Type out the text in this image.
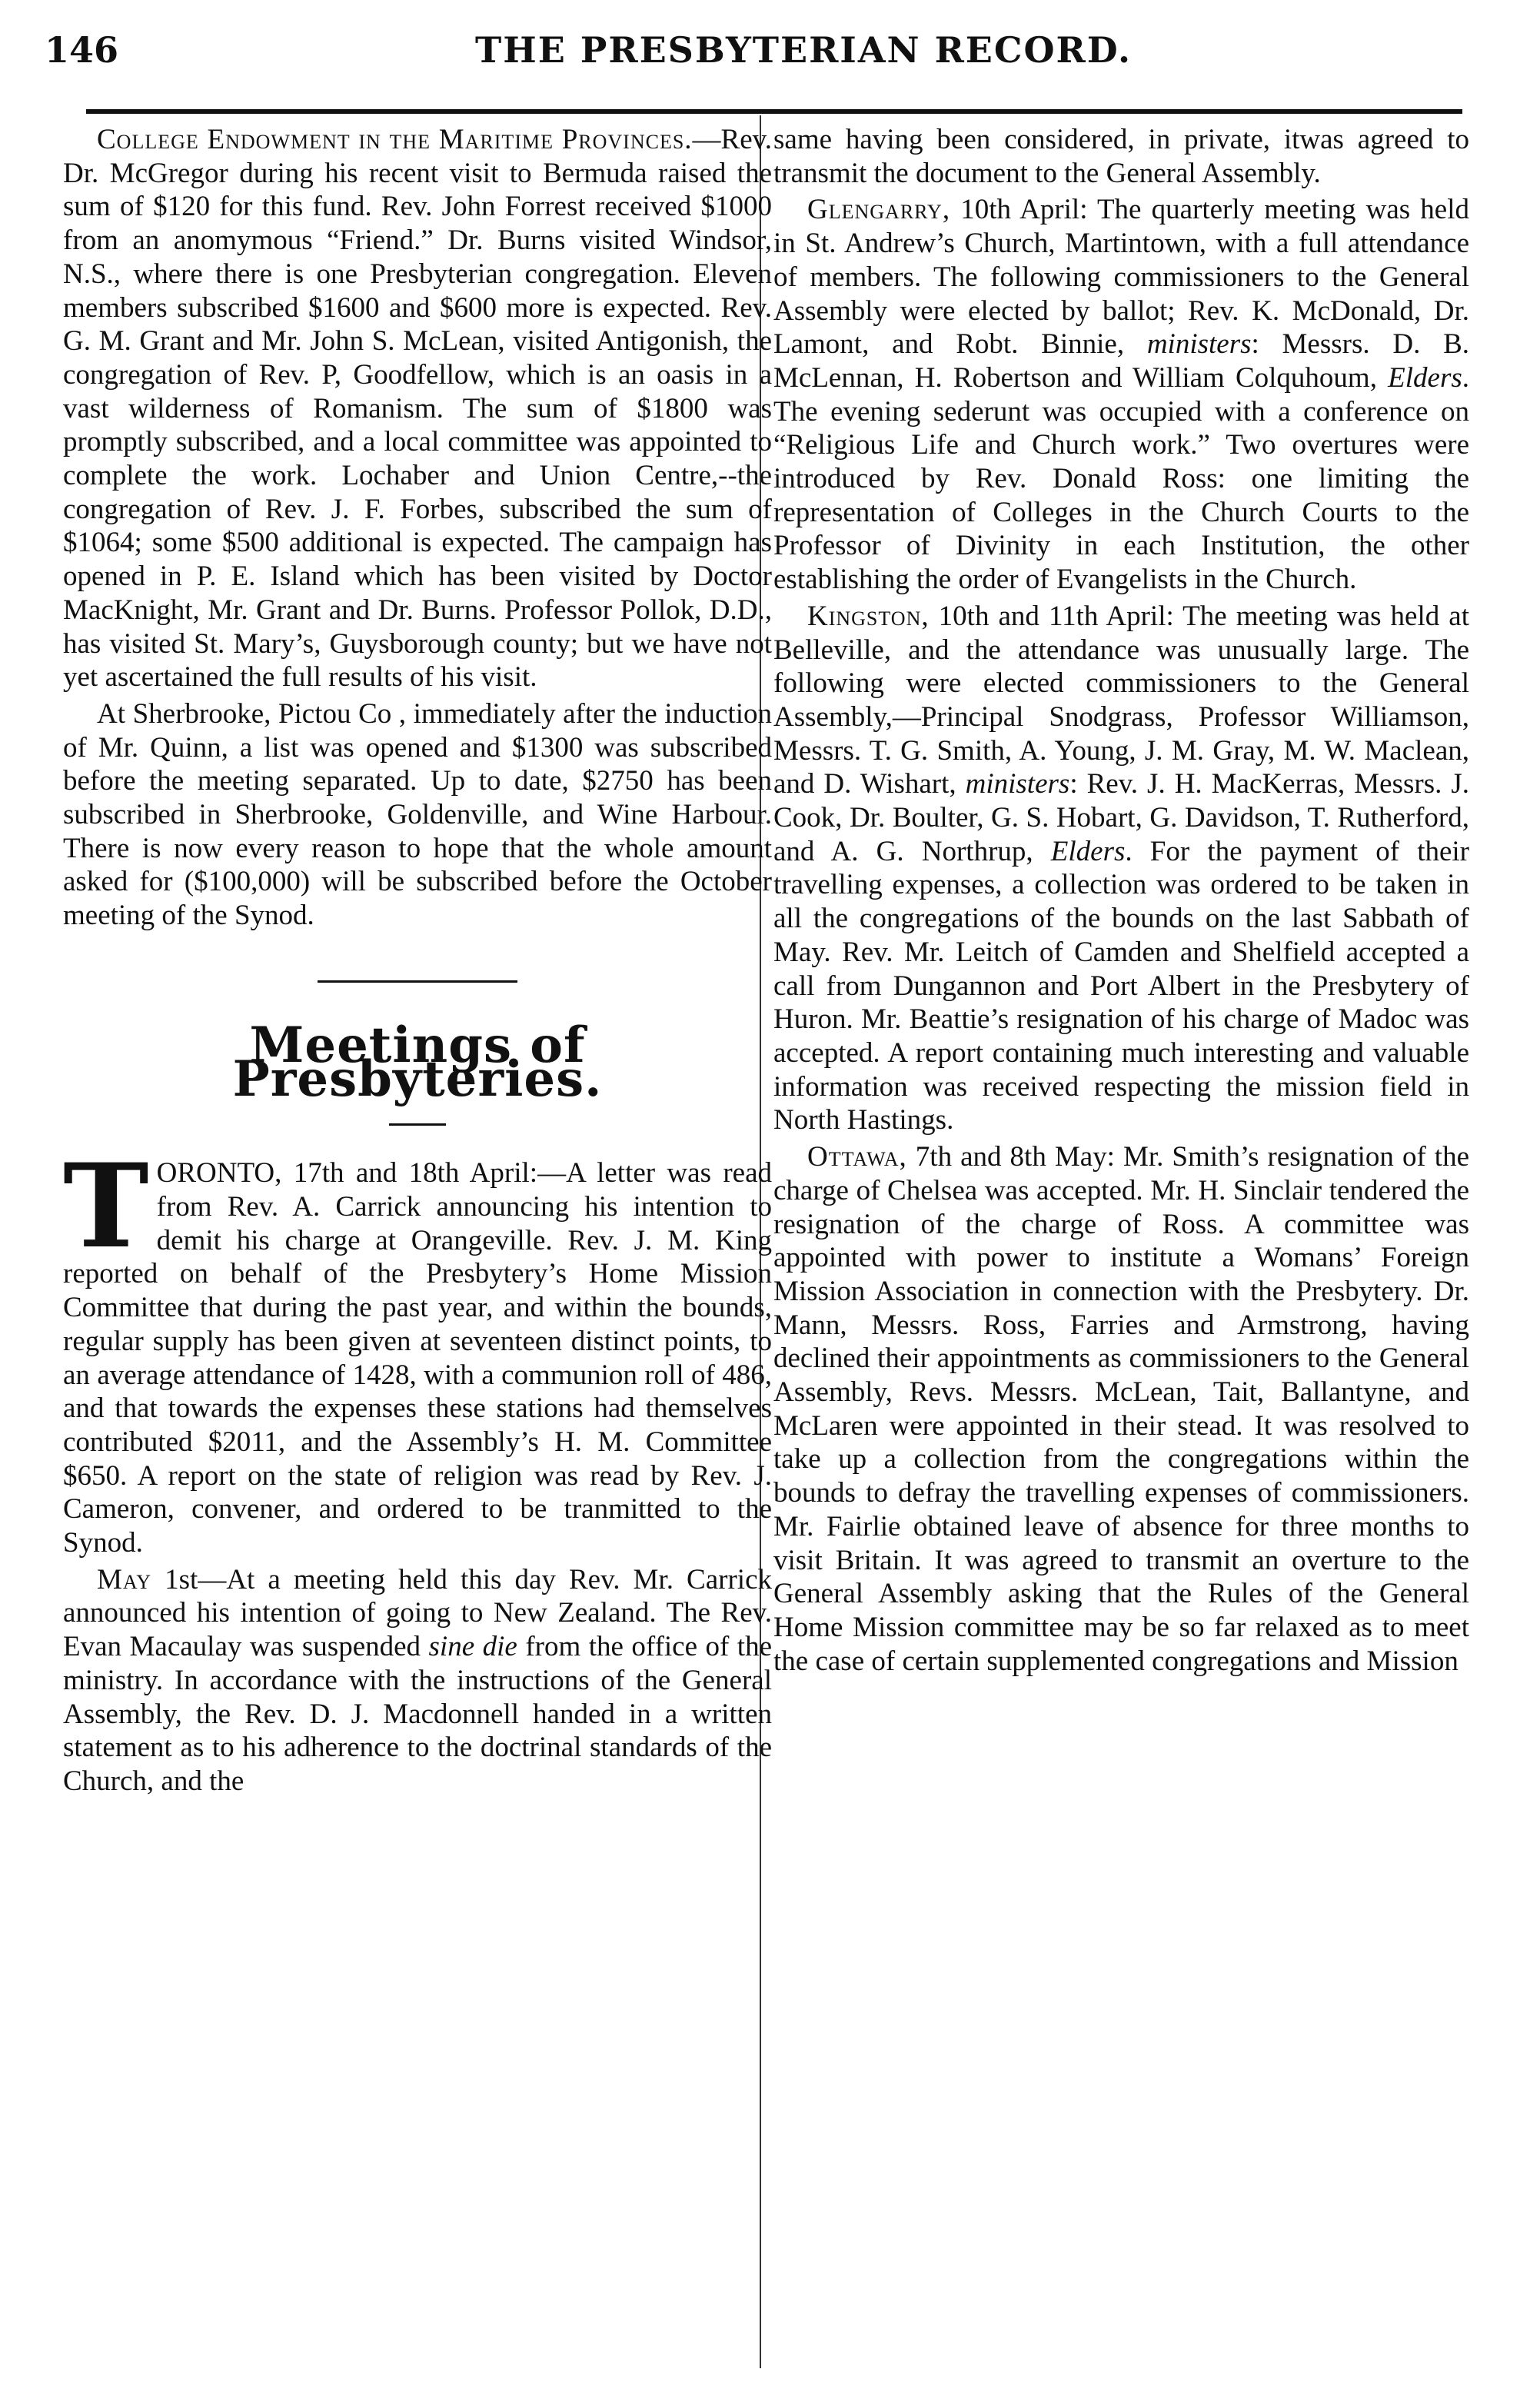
146	THE PRESBYTERIAN RECORD.

College Endowment in the Maritime Provinces.—Rev. Dr. McGregor during his recent visit to Bermuda raised the sum of $120 for this fund. Rev. John Forrest received $1000 from an anomymous “Friend.” Dr. Burns visited Windsor, N.S., where there is one Presbyterian congregation. Eleven members subscribed $1600 and $600 more is expected. Rev. G. M. Grant and Mr. John S. McLean, visited Antigonish, the congregation of Rev. P, Goodfellow, which is an oasis in a vast wilderness of Romanism. The sum of $1800 was promptly subscribed, and a local committee was appointed to complete the work. Lochaber and Union Centre,--the congregation of Rev. J. F. Forbes, subscribed the sum of $1064; some $500 additional is expected. The campaign has opened in P. E. Island which has been visited by Doctor MacKnight, Mr. Grant and Dr. Burns. Professor Pollok, D.D., has visited St. Mary’s, Guysborough county; but we have not yet ascertained the full results of his visit.

At Sherbrooke, Pictou Co , immediately after the induction of Mr. Quinn, a list was opened and $1300 was subscribed before the meeting separated. Up to date, $2750 has been subscribed in Sherbrooke, Goldenville, and Wine Harbour. There is now every reason to hope that the whole amount asked for ($100,000) will be subscribed before the October meeting of the Synod.

Meetings of Presbyteries.

TORONTO, 17th and 18th April:—A letter was read from Rev. A. Carrick announcing his intention to demit his charge at Orangeville. Rev. J. M. King reported on behalf of the Presbytery’s Home Mission Committee that during the past year, and within the bounds, regular supply has been given at seventeen distinct points, to an average attendance of 1428, with a communion roll of 486, and that towards the expenses these stations had themselves contributed $2011, and the Assembly’s H. M. Committee $650. A report on the state of religion was read by Rev. J. Cameron, convener, and ordered to be tranmitted to the Synod.

May 1st—At a meeting held this day Rev. Mr. Carrick announced his intention of going to New Zealand. The Rev. Evan Macaulay was suspended sine die from the office of the ministry. In accordance with the instructions of the General Assembly, the Rev. D. J. Macdonnell handed in a written statement as to his adherence to the doctrinal standards of the Church, and the

same having been considered, in private, itwas agreed to transmit the document to the General Assembly.

Glengarry, 10th April: The quarterly meeting was held in St. Andrew’s Church, Martintown, with a full attendance of members. The following commissioners to the General Assembly were elected by ballot; Rev. K. McDonald, Dr. Lamont, and Robt. Binnie, ministers: Messrs. D. B. McLennan, H. Robertson and William Colquhoum, Elders. The evening sederunt was occupied with a conference on “Religious Life and Church work.” Two overtures were introduced by Rev. Donald Ross: one limiting the representation of Colleges in the Church Courts to the Professor of Divinity in each Institution, the other establishing the order of Evangelists in the Church.

Kingston, 10th and 11th April: The meeting was held at Belleville, and the attendance was unusually large. The following were elected commissioners to the General Assembly,—Principal Snodgrass, Professor Williamson, Messrs. T. G. Smith, A. Young, J. M. Gray, M. W. Maclean, and D. Wishart, ministers: Rev. J. H. MacKerras, Messrs. J. Cook, Dr. Boulter, G. S. Hobart, G. Davidson, T. Rutherford, and A. G. Northrup, Elders. For the payment of their travelling expenses, a collection was ordered to be taken in all the congregations of the bounds on the last Sabbath of May. Rev. Mr. Leitch of Camden and Shelfield accepted a call from Dungannon and Port Albert in the Presbytery of Huron. Mr. Beattie’s resignation of his charge of Madoc was accepted. A report containing much interesting and valuable information was received respecting the mission field in North Hastings.

Ottawa, 7th and 8th May: Mr. Smith’s resignation of the charge of Chelsea was accepted. Mr. H. Sinclair tendered the resignation of the charge of Ross. A committee was appointed with power to institute a Womans’ Foreign Mission Association in connection with the Presbytery. Dr. Mann, Messrs. Ross, Farries and Armstrong, having declined their appointments as commissioners to the General Assembly, Revs. Messrs. McLean, Tait, Ballantyne, and McLaren were appointed in their stead. It was resolved to take up a collection from the congregations within the bounds to defray the travelling expenses of commissioners. Mr. Fairlie obtained leave of absence for three months to visit Britain. It was agreed to transmit an overture to the General Assembly asking that the Rules of the General Home Mission committee may be so far relaxed as to meet the case of certain supplemented congregations and Mission
